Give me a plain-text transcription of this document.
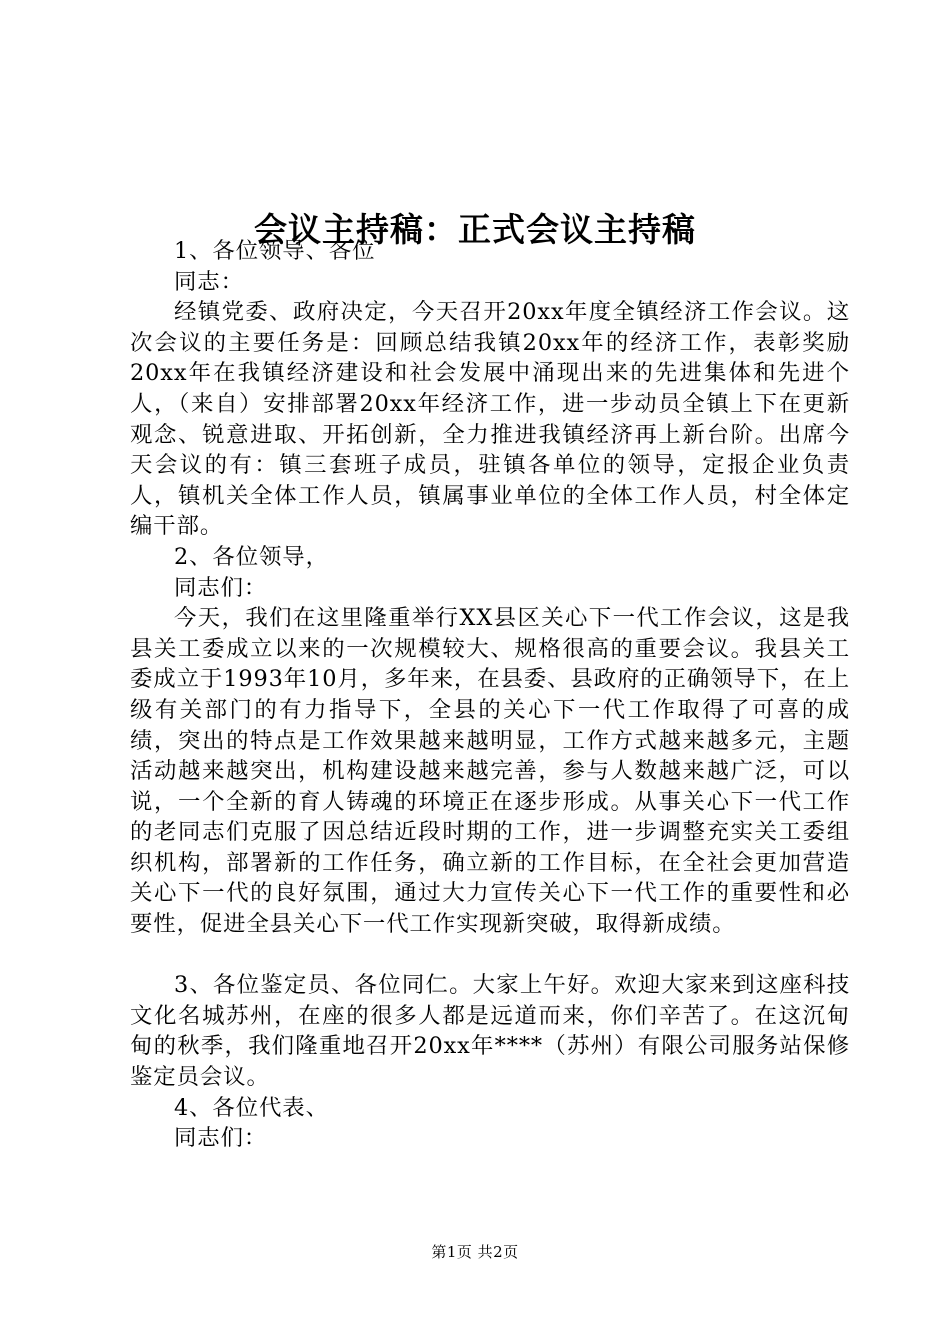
会议主持稿：正式会议主持稿

1、各位领导、各位

同志：

经镇党委、政府决定，今天召开20xx年度全镇经济工作会议。这次会议的主要任务是：回顾总结我镇20xx年的经济工作，表彰奖励20xx年在我镇经济建设和社会发展中涌现出来的先进集体和先进个人，（来自）安排部署20xx年经济工作，进一步动员全镇上下在更新观念、锐意进取、开拓创新，全力推进我镇经济再上新台阶。出席今天会议的有：镇三套班子成员，驻镇各单位的领导，定报企业负责人，镇机关全体工作人员，镇属事业单位的全体工作人员，村全体定编干部。

2、各位领导，

同志们：

今天，我们在这里隆重举行XX县区关心下一代工作会议，这是我县关工委成立以来的一次规模较大、规格很高的重要会议。我县关工委成立于1993年10月，多年来，在县委、县政府的正确领导下，在上级有关部门的有力指导下，全县的关心下一代工作取得了可喜的成绩，突出的特点是工作效果越来越明显，工作方式越来越多元，主题活动越来越突出，机构建设越来越完善，参与人数越来越广泛，可以说，一个全新的育人铸魂的环境正在逐步形成。从事关心下一代工作的老同志们克服了因总结近段时期的工作，进一步调整充实关工委组织机构，部署新的工作任务，确立新的工作目标，在全社会更加营造关心下一代的良好氛围，通过大力宣传关心下一代工作的重要性和必要性，促进全县关心下一代工作实现新突破，取得新成绩。

3、各位鉴定员、各位同仁。大家上午好。欢迎大家来到这座科技文化名城苏州，在座的很多人都是远道而来，你们辛苦了。在这沉甸甸的秋季，我们隆重地召开20xx年****（苏州）有限公司服务站保修鉴定员会议。

4、各位代表、

同志们：

第1页 共2页
